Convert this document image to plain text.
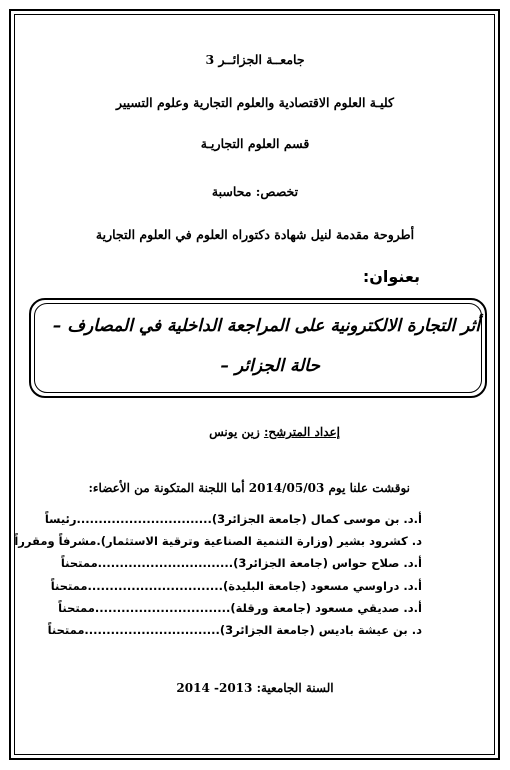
جامعــة الجزائــر 3
كليـة العلوم الاقتصادية والعلوم التجارية وعلوم التسيير
قسم العلوم التجاريـة
تخصص: محاسبة
أطروحة مقدمة لنيل شهادة دكتوراه العلوم في العلوم التجارية
بعنوان:
أثر التجارة الالكترونية على المراجعة الداخلية في المصارف –
حالة الجزائر –
إعداد المترشح: زين يونس
نوقشت علنا يوم 2014/05/03 أما اللجنة المتكونة من الأعضاء:
أ.د. بن موسى كمال (جامعة الجزائر3)...............................رئيساً
د. كشرود بشير (وزارة التنمية الصناعية وترقية الاستثمار).مشرفاً ومقرراً
أ.د. صلاح حواس (جامعة الجزائر3)...............................ممتحناً
أ.د. دراوسي مسعود (جامعة البليدة)...............................ممتحناً
أ.د. صديقي مسعود (جامعة ورقلة)...............................ممتحناً
د. بن عيشة باديس (جامعة الجزائر3)...............................ممتحناً
السنة الجامعية: 2013- 2014
